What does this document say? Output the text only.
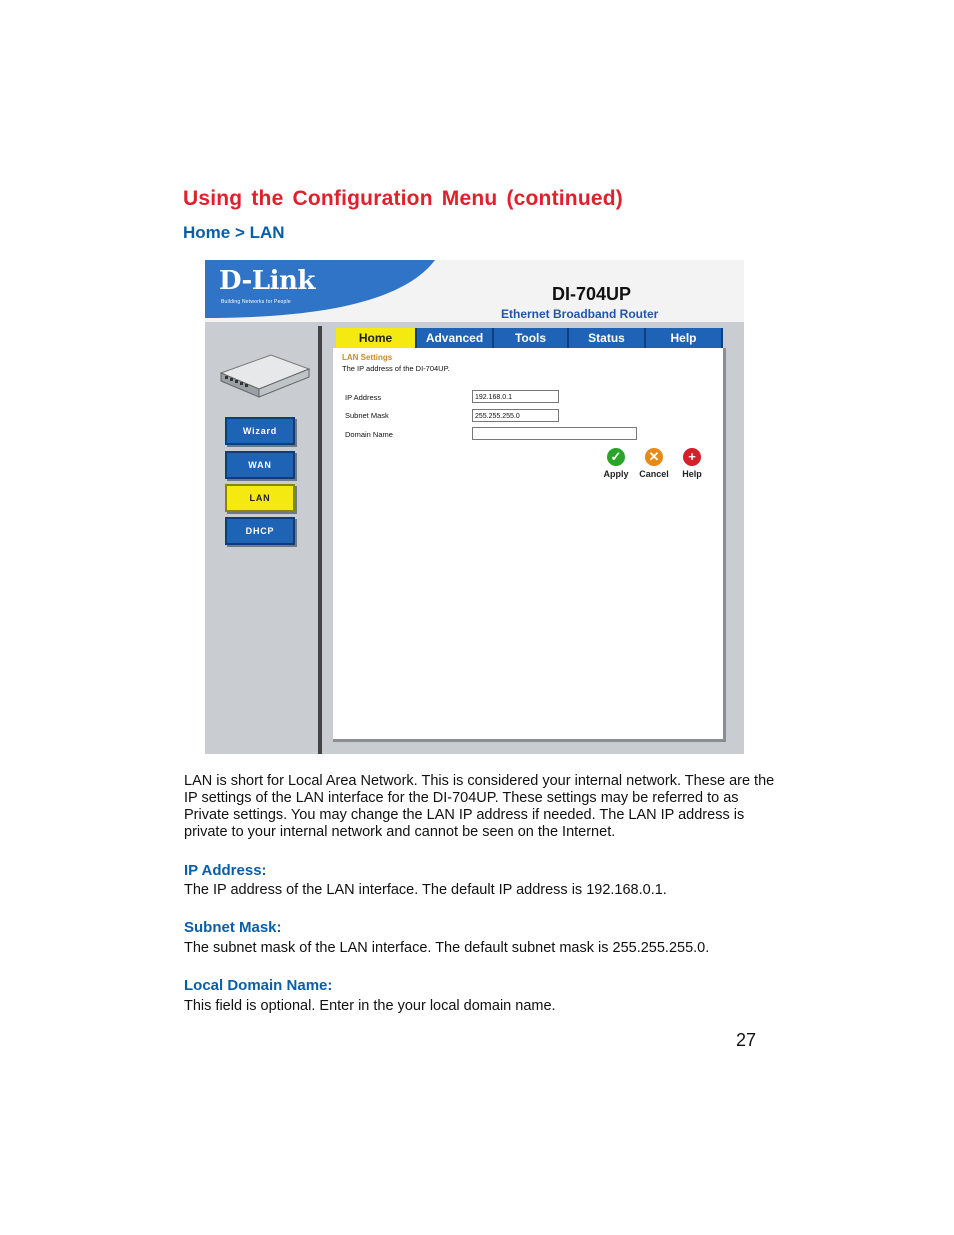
Using the Configuration Menu (continued)
Home > LAN
D-Link
Building Networks for People	DI-704UP
Ethernet Broadband Router
Wizard
WAN
LAN
DHCP
Home	Advanced	Tools	Status	Help
LAN Settings
The IP address of the DI-704UP.
IP Address	192.168.0.1
Subnet Mask	255.255.255.0
Domain Name
✓
Apply
✕
Cancel
+
Help
LAN is short for Local Area Network. This is considered your internal network. These are the IP settings of the LAN interface for the DI-704UP. These settings may be referred to as Private settings. You may change the LAN IP address if needed. The LAN IP address is private to your internal network and cannot be seen on the Internet.
IP Address:
The IP address of the LAN interface. The default IP address is 192.168.0.1.
Subnet Mask:
The subnet mask of the LAN interface. The default subnet mask is 255.255.255.0.
Local Domain Name:
This field is optional. Enter in the your local domain name.
27
